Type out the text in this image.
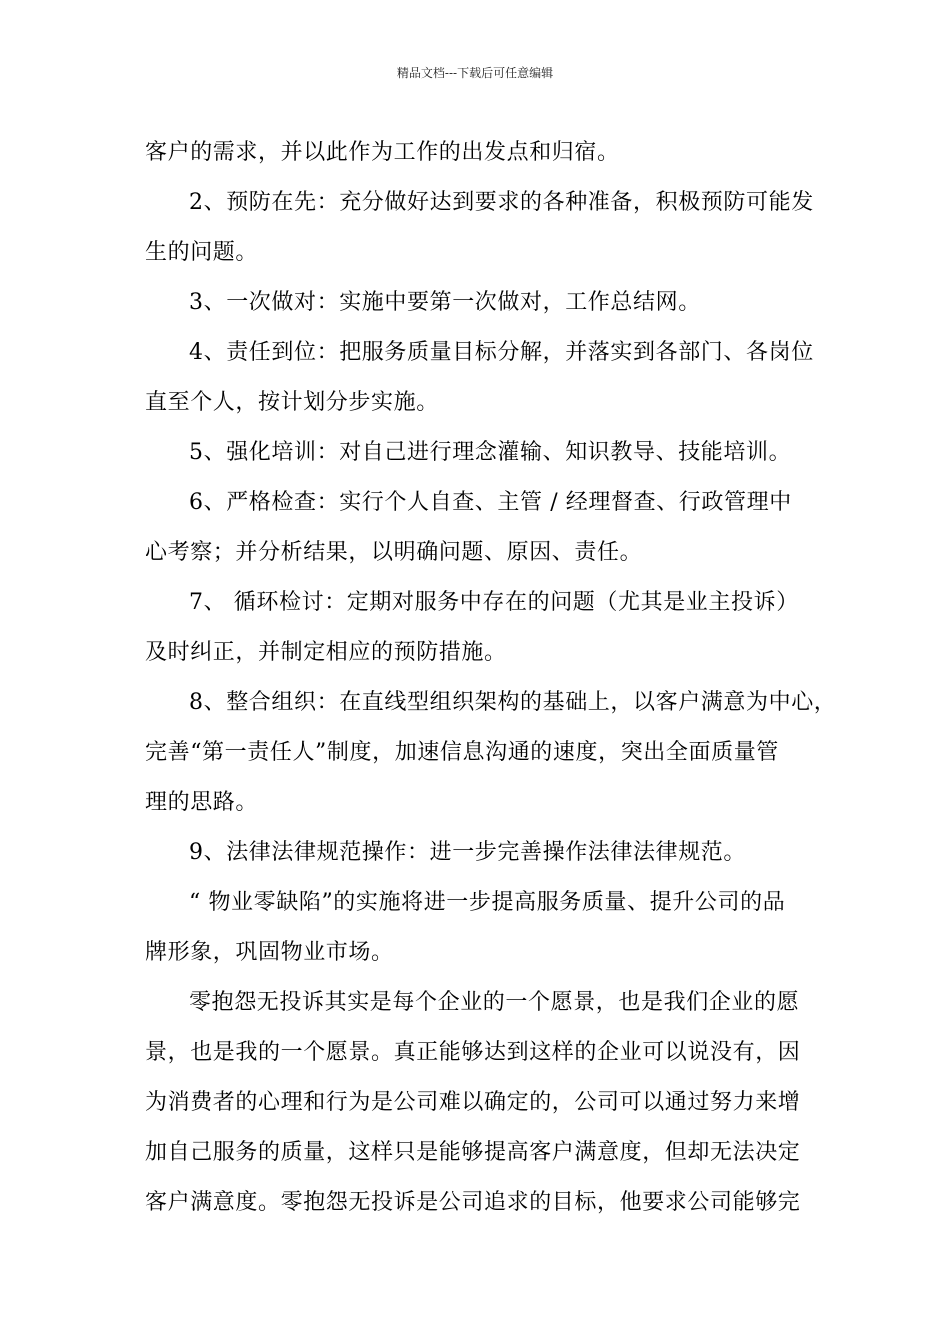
精品文档---下载后可任意编辑
客户的需求，并以此作为工作的出发点和归宿。
2、预防在先：充分做好达到要求的各种准备，积极预防可能发
生的问题。
3、一次做对：实施中要第一次做对，工作总结网。
4、责任到位：把服务质量目标分解，并落实到各部门、各岗位
直至个人，按计划分步实施。
5、强化培训：对自己进行理念灌输、知识教导、技能培训。
6、严格检查：实行个人自查、主管 / 经理督查、行政管理中
心考察；并分析结果，以明确问题、原因、责任。
7、 循环检讨：定期对服务中存在的问题（尤其是业主投诉）
及时纠正，并制定相应的预防措施。
8、整合组织：在直线型组织架构的基础上，以客户满意为中心，
完善“第一责任人”制度，加速信息沟通的速度，突出全面质量管
理的思路。
9、法律法律规范操作：进一步完善操作法律法律规范。
“ 物业零缺陷”的实施将进一步提高服务质量、提升公司的品
牌形象，巩固物业市场。
零抱怨无投诉其实是每个企业的一个愿景，也是我们企业的愿
景，也是我的一个愿景。真正能够达到这样的企业可以说没有，因
为消费者的心理和行为是公司难以确定的，公司可以通过努力来增
加自己服务的质量，这样只是能够提高客户满意度，但却无法决定
客户满意度。零抱怨无投诉是公司追求的目标，他要求公司能够完
